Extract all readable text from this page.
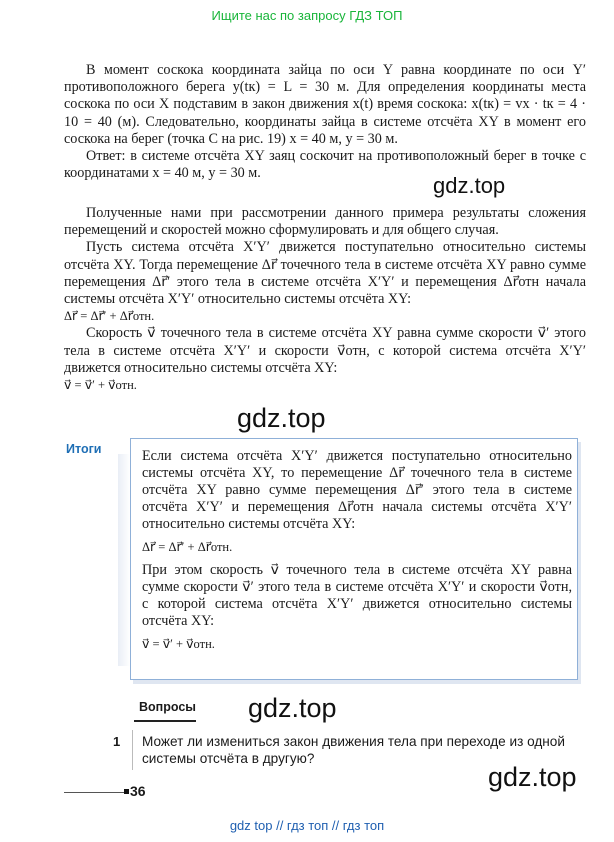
Ищите нас по запросу ГДЗ ТОП

В момент соскока координата зайца по оси Y равна координате по оси Y′ противоположного берега y(tк) = L = 30 м. Для определения координаты места соскока по оси X подставим в закон движения x(t) время соскока: x(tк) = vx · tк = 4 · 10 = 40 (м). Следовательно, координаты зайца в системе отсчёта XY в момент его соскока на берег (точка C на рис. 19) x = 40 м, y = 30 м.

Ответ: в системе отсчёта XY заяц соскочит на противоположный берег в точке с координатами x = 40 м, y = 30 м.

Полученные нами при рассмотрении данного примера результаты сложения перемещений и скоростей можно сформулировать и для общего случая.

Пусть система отсчёта X′Y′ движется поступательно относительно системы отсчёта XY. Тогда перемещение Δr⃗ точечного тела в системе отсчёта XY равно сумме перемещения Δr⃗′ этого тела в системе отсчёта X′Y′ и перемещения Δr⃗отн начала системы отсчёта X′Y′ относительно системы отсчёта XY:

Δr⃗ = Δr⃗′ + Δr⃗отн.

Скорость v⃗ точечного тела в системе отсчёта XY равна сумме скорости v⃗′ этого тела в системе отсчёта X′Y′ и скорости v⃗отн, с которой система отсчёта X′Y′ движется относительно системы отсчёта XY:

v⃗ = v⃗′ + v⃗отн.

Итоги	Если система отсчёта X′Y′ движется поступательно относительно системы отсчёта XY, то перемещение Δr⃗ точечного тела в системе отсчёта XY равно сумме перемещения Δr⃗′ этого тела в системе отсчёта X′Y′ и перемещения Δr⃗отн начала системы отсчёта X′Y′ относительно системы отсчёта XY:

Δr⃗ = Δr⃗′ + Δr⃗отн.

При этом скорость v⃗ точечного тела в системе отсчёта XY равна сумме скорости v⃗′ этого тела в системе отсчёта X′Y′ и скорости v⃗отн, с которой система отсчёта X′Y′ движется относительно системы отсчёта XY:

v⃗ = v⃗′ + v⃗отн.

Вопросы
1 Может ли измениться закон движения тела при переходе из одной системы отсчёта в другую?
36
gdz.top
gdz.top
gdz.top
gdz.top
gdz top // гдз топ // гдз топ
